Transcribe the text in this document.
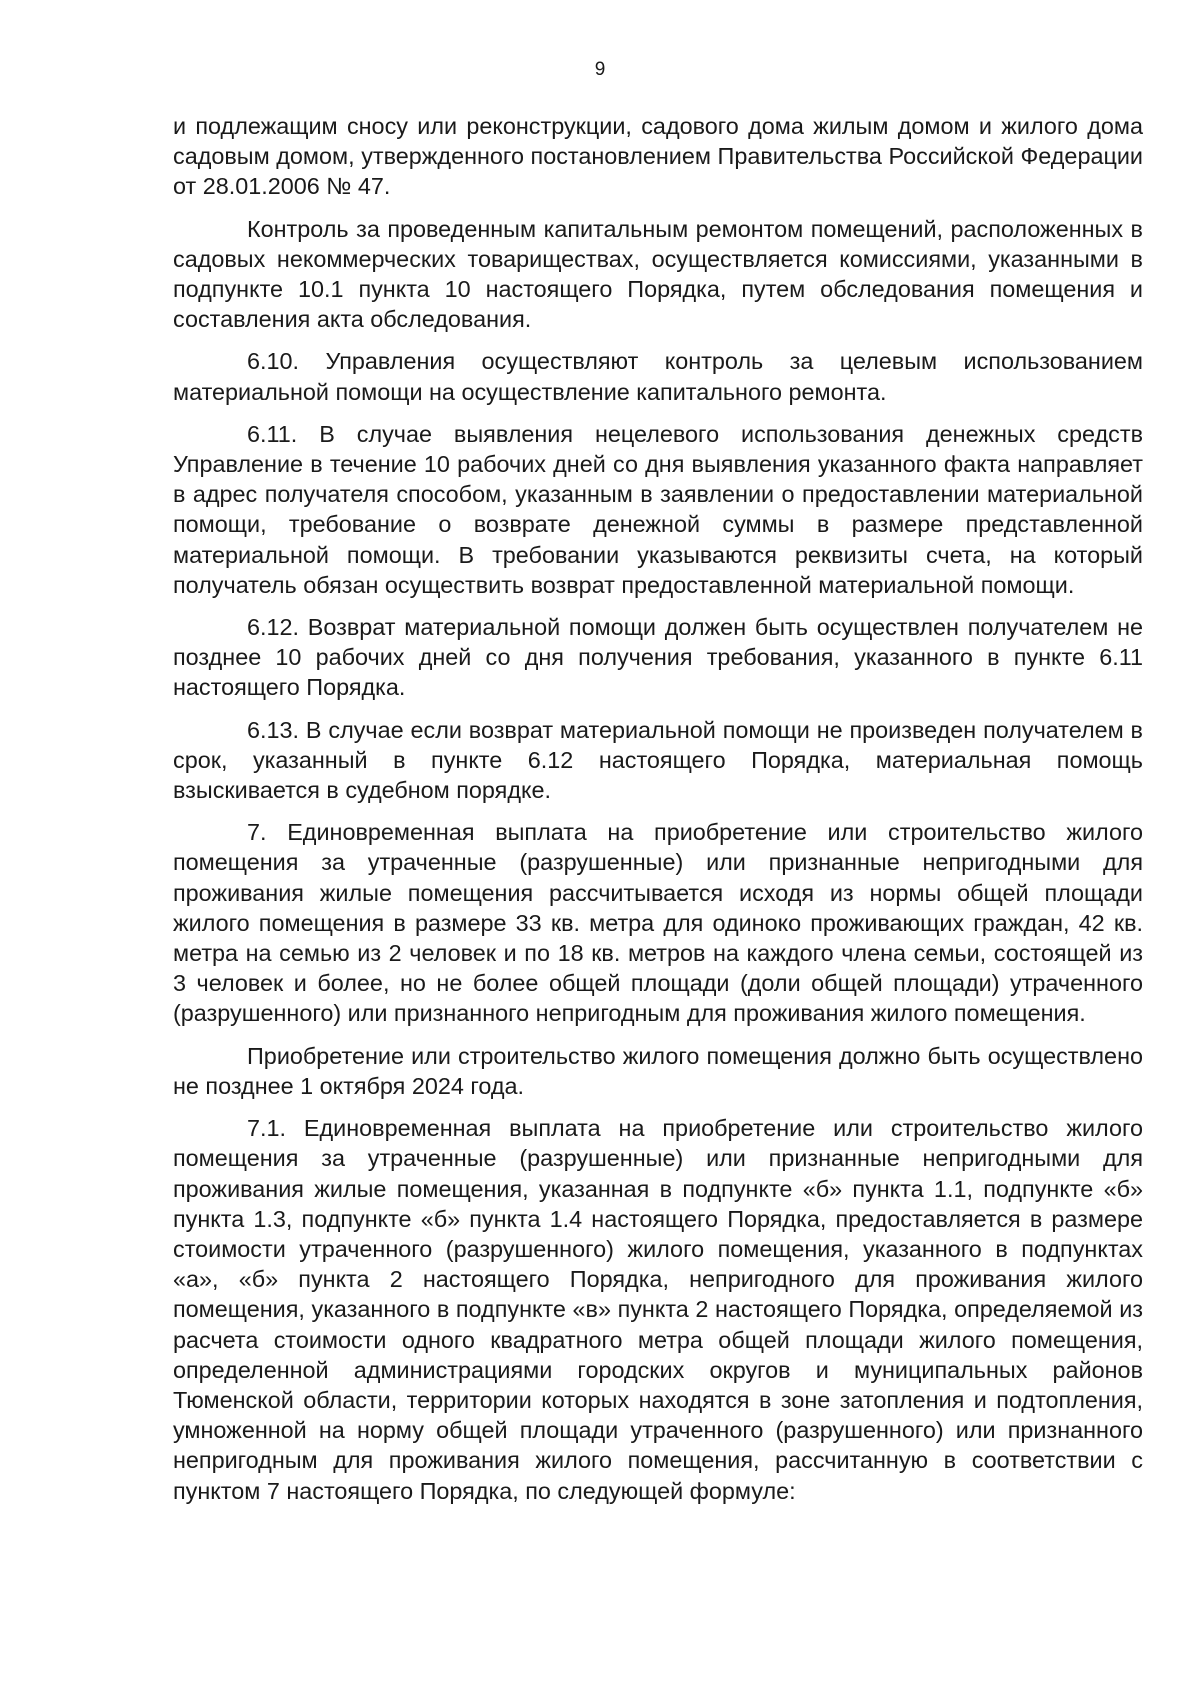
9

и подлежащим сносу или реконструкции, садового дома жилым домом и жилого дома садовым домом, утвержденного постановлением Правительства Российской Федерации от 28.01.2006 № 47.

Контроль за проведенным капитальным ремонтом помещений, расположенных в садовых некоммерческих товариществах, осуществляется комиссиями, указанными в подпункте 10.1 пункта 10 настоящего Порядка, путем обследования помещения и составления акта обследования.

6.10. Управления осуществляют контроль за целевым использованием материальной помощи на осуществление капитального ремонта.

6.11. В случае выявления нецелевого использования денежных средств Управление в течение 10 рабочих дней со дня выявления указанного факта направляет в адрес получателя способом, указанным в заявлении о предоставлении материальной помощи, требование о возврате денежной суммы в размере представленной материальной помощи. В требовании указываются реквизиты счета, на который получатель обязан осуществить возврат предоставленной материальной помощи.

6.12. Возврат материальной помощи должен быть осуществлен получателем не позднее 10 рабочих дней со дня получения требования, указанного в пункте 6.11 настоящего Порядка.

6.13. В случае если возврат материальной помощи не произведен получателем в срок, указанный в пункте 6.12 настоящего Порядка, материальная помощь взыскивается в судебном порядке.

7. Единовременная выплата на приобретение или строительство жилого помещения за утраченные (разрушенные) или признанные непригодными для проживания жилые помещения рассчитывается исходя из нормы общей площади жилого помещения в размере 33 кв. метра для одиноко проживающих граждан, 42 кв. метра на семью из 2 человек и по 18 кв. метров на каждого члена семьи, состоящей из 3 человек и более, но не более общей площади (доли общей площади) утраченного (разрушенного) или признанного непригодным для проживания жилого помещения.

Приобретение или строительство жилого помещения должно быть осуществлено не позднее 1 октября 2024 года.

7.1. Единовременная выплата на приобретение или строительство жилого помещения за утраченные (разрушенные) или признанные непригодными для проживания жилые помещения, указанная в подпункте «б» пункта 1.1, подпункте «б» пункта 1.3, подпункте «б» пункта 1.4 настоящего Порядка, предоставляется в размере стоимости утраченного (разрушенного) жилого помещения, указанного в подпунктах «а», «б» пункта 2 настоящего Порядка, непригодного для проживания жилого помещения, указанного в подпункте «в» пункта 2 настоящего Порядка, определяемой из расчета стоимости одного квадратного метра общей площади жилого помещения, определенной администрациями городских округов и муниципальных районов Тюменской области, территории которых находятся в зоне затопления и подтопления, умноженной на норму общей площади утраченного (разрушенного) или признанного непригодным для проживания жилого помещения, рассчитанную в соответствии с пунктом 7 настоящего Порядка, по следующей формуле:
